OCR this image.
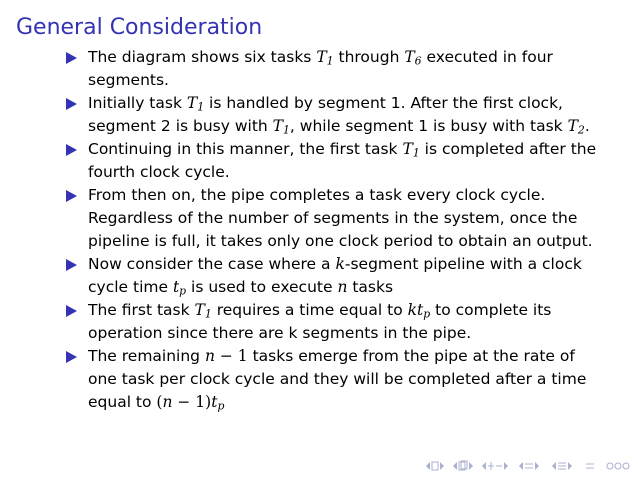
General Consideration
The diagram shows six tasks $T_1$ through $T_6$ executed in four segments.
Initially task $T_1$ is handled by segment 1. After the first clock, segment 2 is busy with $T_1$, while segment 1 is busy with task $T_2$.
Continuing in this manner, the first task $T_1$ is completed after the fourth clock cycle.
From then on, the pipe completes a task every clock cycle. Regardless of the number of segments in the system, once the pipeline is full, it takes only one clock period to obtain an output.
Now consider the case where a k-segment pipeline with a clock cycle time $t_p$ is used to execute n tasks
The first task $T_1$ requires a time equal to $kt_p$ to complete its operation since there are k segments in the pipe.
The remaining n − 1 tasks emerge from the pipe at the rate of one task per clock cycle and they will be completed after a time equal to $(n - 1)t_p$
